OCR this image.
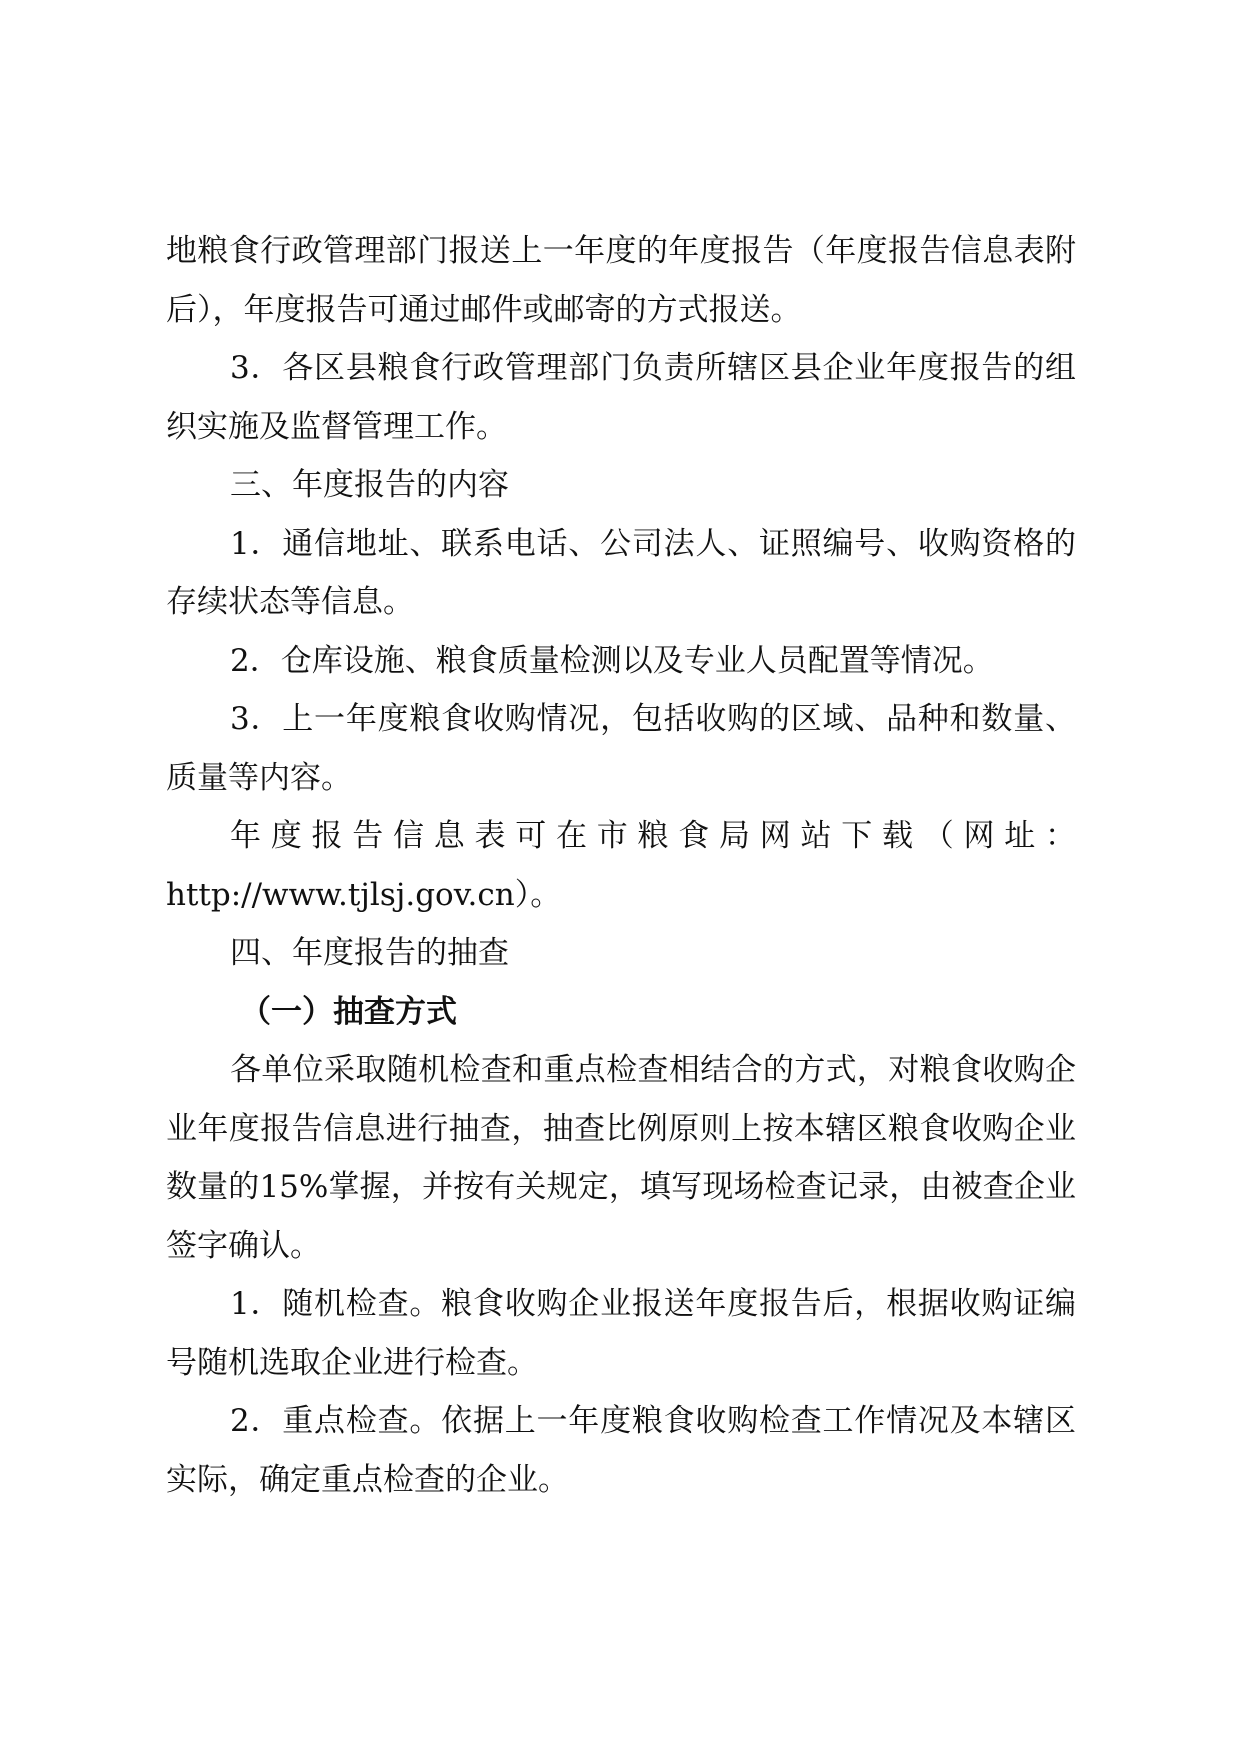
地粮食行政管理部门报送上一年度的年度报告（年度报告信息表附后），年度报告可通过邮件或邮寄的方式报送。

3．各区县粮食行政管理部门负责所辖区县企业年度报告的组织实施及监督管理工作。

三、年度报告的内容

1．通信地址、联系电话、公司法人、证照编号、收购资格的存续状态等信息。

2．仓库设施、粮食质量检测以及专业人员配置等情况。

3．上一年度粮食收购情况，包括收购的区域、品种和数量、质量等内容。

年度报告信息表可在市粮食局网站下载（网址：

http://www.tjlsj.gov.cn）。

四、年度报告的抽查

（一）抽查方式

各单位采取随机检查和重点检查相结合的方式，对粮食收购企业年度报告信息进行抽查，抽查比例原则上按本辖区粮食收购企业数量的15%掌握，并按有关规定，填写现场检查记录，由被查企业签字确认。

1．随机检查。粮食收购企业报送年度报告后，根据收购证编号随机选取企业进行检查。

2．重点检查。依据上一年度粮食收购检查工作情况及本辖区实际，确定重点检查的企业。
